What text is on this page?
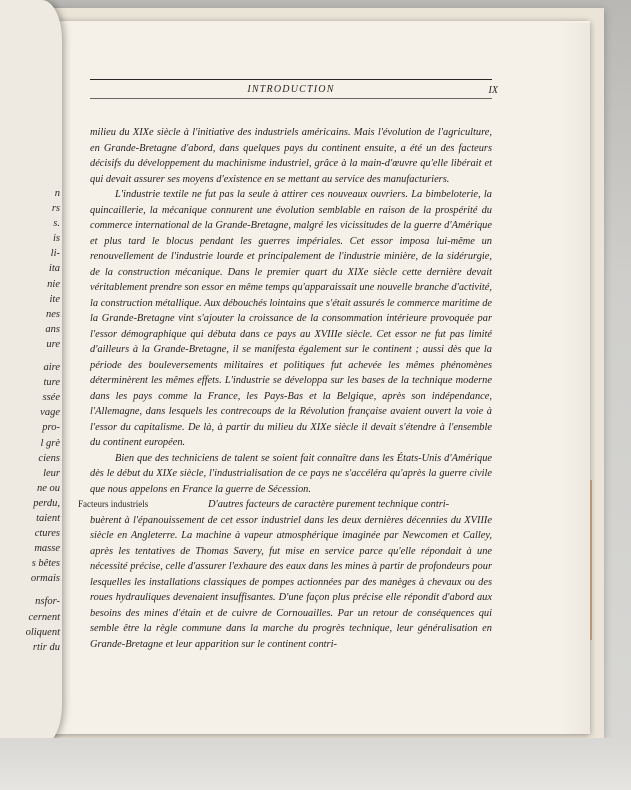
INTRODUCTION	IX

milieu du XIXe siècle à l'initiative des industriels américains. Mais l'évolution de l'agriculture, en Grande-Bretagne d'abord, dans quelques pays du continent ensuite, a été un des facteurs décisifs du développement du machinisme industriel, grâce à la main-d'œuvre qu'elle libérait et qui devait assurer ses moyens d'existence en se mettant au service des manufacturiers.

L'industrie textile ne fut pas la seule à attirer ces nouveaux ouvriers. La bimbeloterie, la quincaillerie, la mécanique connurent une évolution semblable en raison de la prospérité du commerce international de la Grande-Bretagne, malgré les vicissitudes de la guerre d'Amérique et plus tard le blocus pendant les guerres impériales. Cet essor imposa lui-même un renouvellement de l'industrie lourde et principalement de l'industrie minière, de la sidérurgie, de la construction mécanique. Dans le premier quart du XIXe siècle cette dernière devait véritablement prendre son essor en même temps qu'apparaissait une nouvelle branche d'activité, la construction métallique. Aux débouchés lointains que s'était assurés le commerce maritime de la Grande-Bretagne vint s'ajouter la croissance de la consommation intérieure provoquée par l'essor démographique qui débuta dans ce pays au XVIIIe siècle. Cet essor ne fut pas limité d'ailleurs à la Grande-Bretagne, il se manifesta également sur le continent ; aussi dès que la période des bouleversements militaires et politiques fut achevée les mêmes phénomènes déterminèrent les mêmes effets. L'industrie se développa sur les bases de la technique moderne dans les pays comme la France, les Pays-Bas et la Belgique, après son indépendance, l'Allemagne, dans lesquels les contrecoups de la Révolution française avaient ouvert la voie à l'essor du capitalisme. De là, à partir du milieu du XIXe siècle il devait s'étendre à l'ensemble du continent européen.

Bien que des techniciens de talent se soient fait connaître dans les États-Unis d'Amérique dès le début du XIXe siècle, l'industrialisation de ce pays ne s'accéléra qu'après la guerre civile que nous appelons en France la guerre de Sécession.

Facteurs industriels	D'autres facteurs de caractère purement technique contri-
buèrent à l'épanouissement de cet essor industriel dans les deux dernières décennies du XVIIIe siècle en Angleterre. La machine à vapeur atmosphérique imaginée par Newcomen et Calley, après les tentatives de Thomas Savery, fut mise en service parce qu'elle répondait à une nécessité précise, celle d'assurer l'exhaure des eaux dans les mines à partir de profondeurs pour lesquelles les installations classiques de pompes actionnées par des manèges à chevaux ou des roues hydrauliques devenaient insuffisantes. D'une façon plus précise elle répondit d'abord aux besoins des mines d'étain et de cuivre de Cornouailles. Par un retour de conséquences qui semble être la règle commune dans la marche du progrès technique, leur généralisation en Grande-Bretagne et leur apparition sur le continent contri-

n
rs
s.
is
li-
ita
nie
ite
nes
ans
ure
aire
ture
ssée
vage
pro-
l grè
ciens
leur
ne ou
perdu,
taient
ctures
masse
s bêtes
ormais
nsfor-
cernent
oliquent
rtir du
